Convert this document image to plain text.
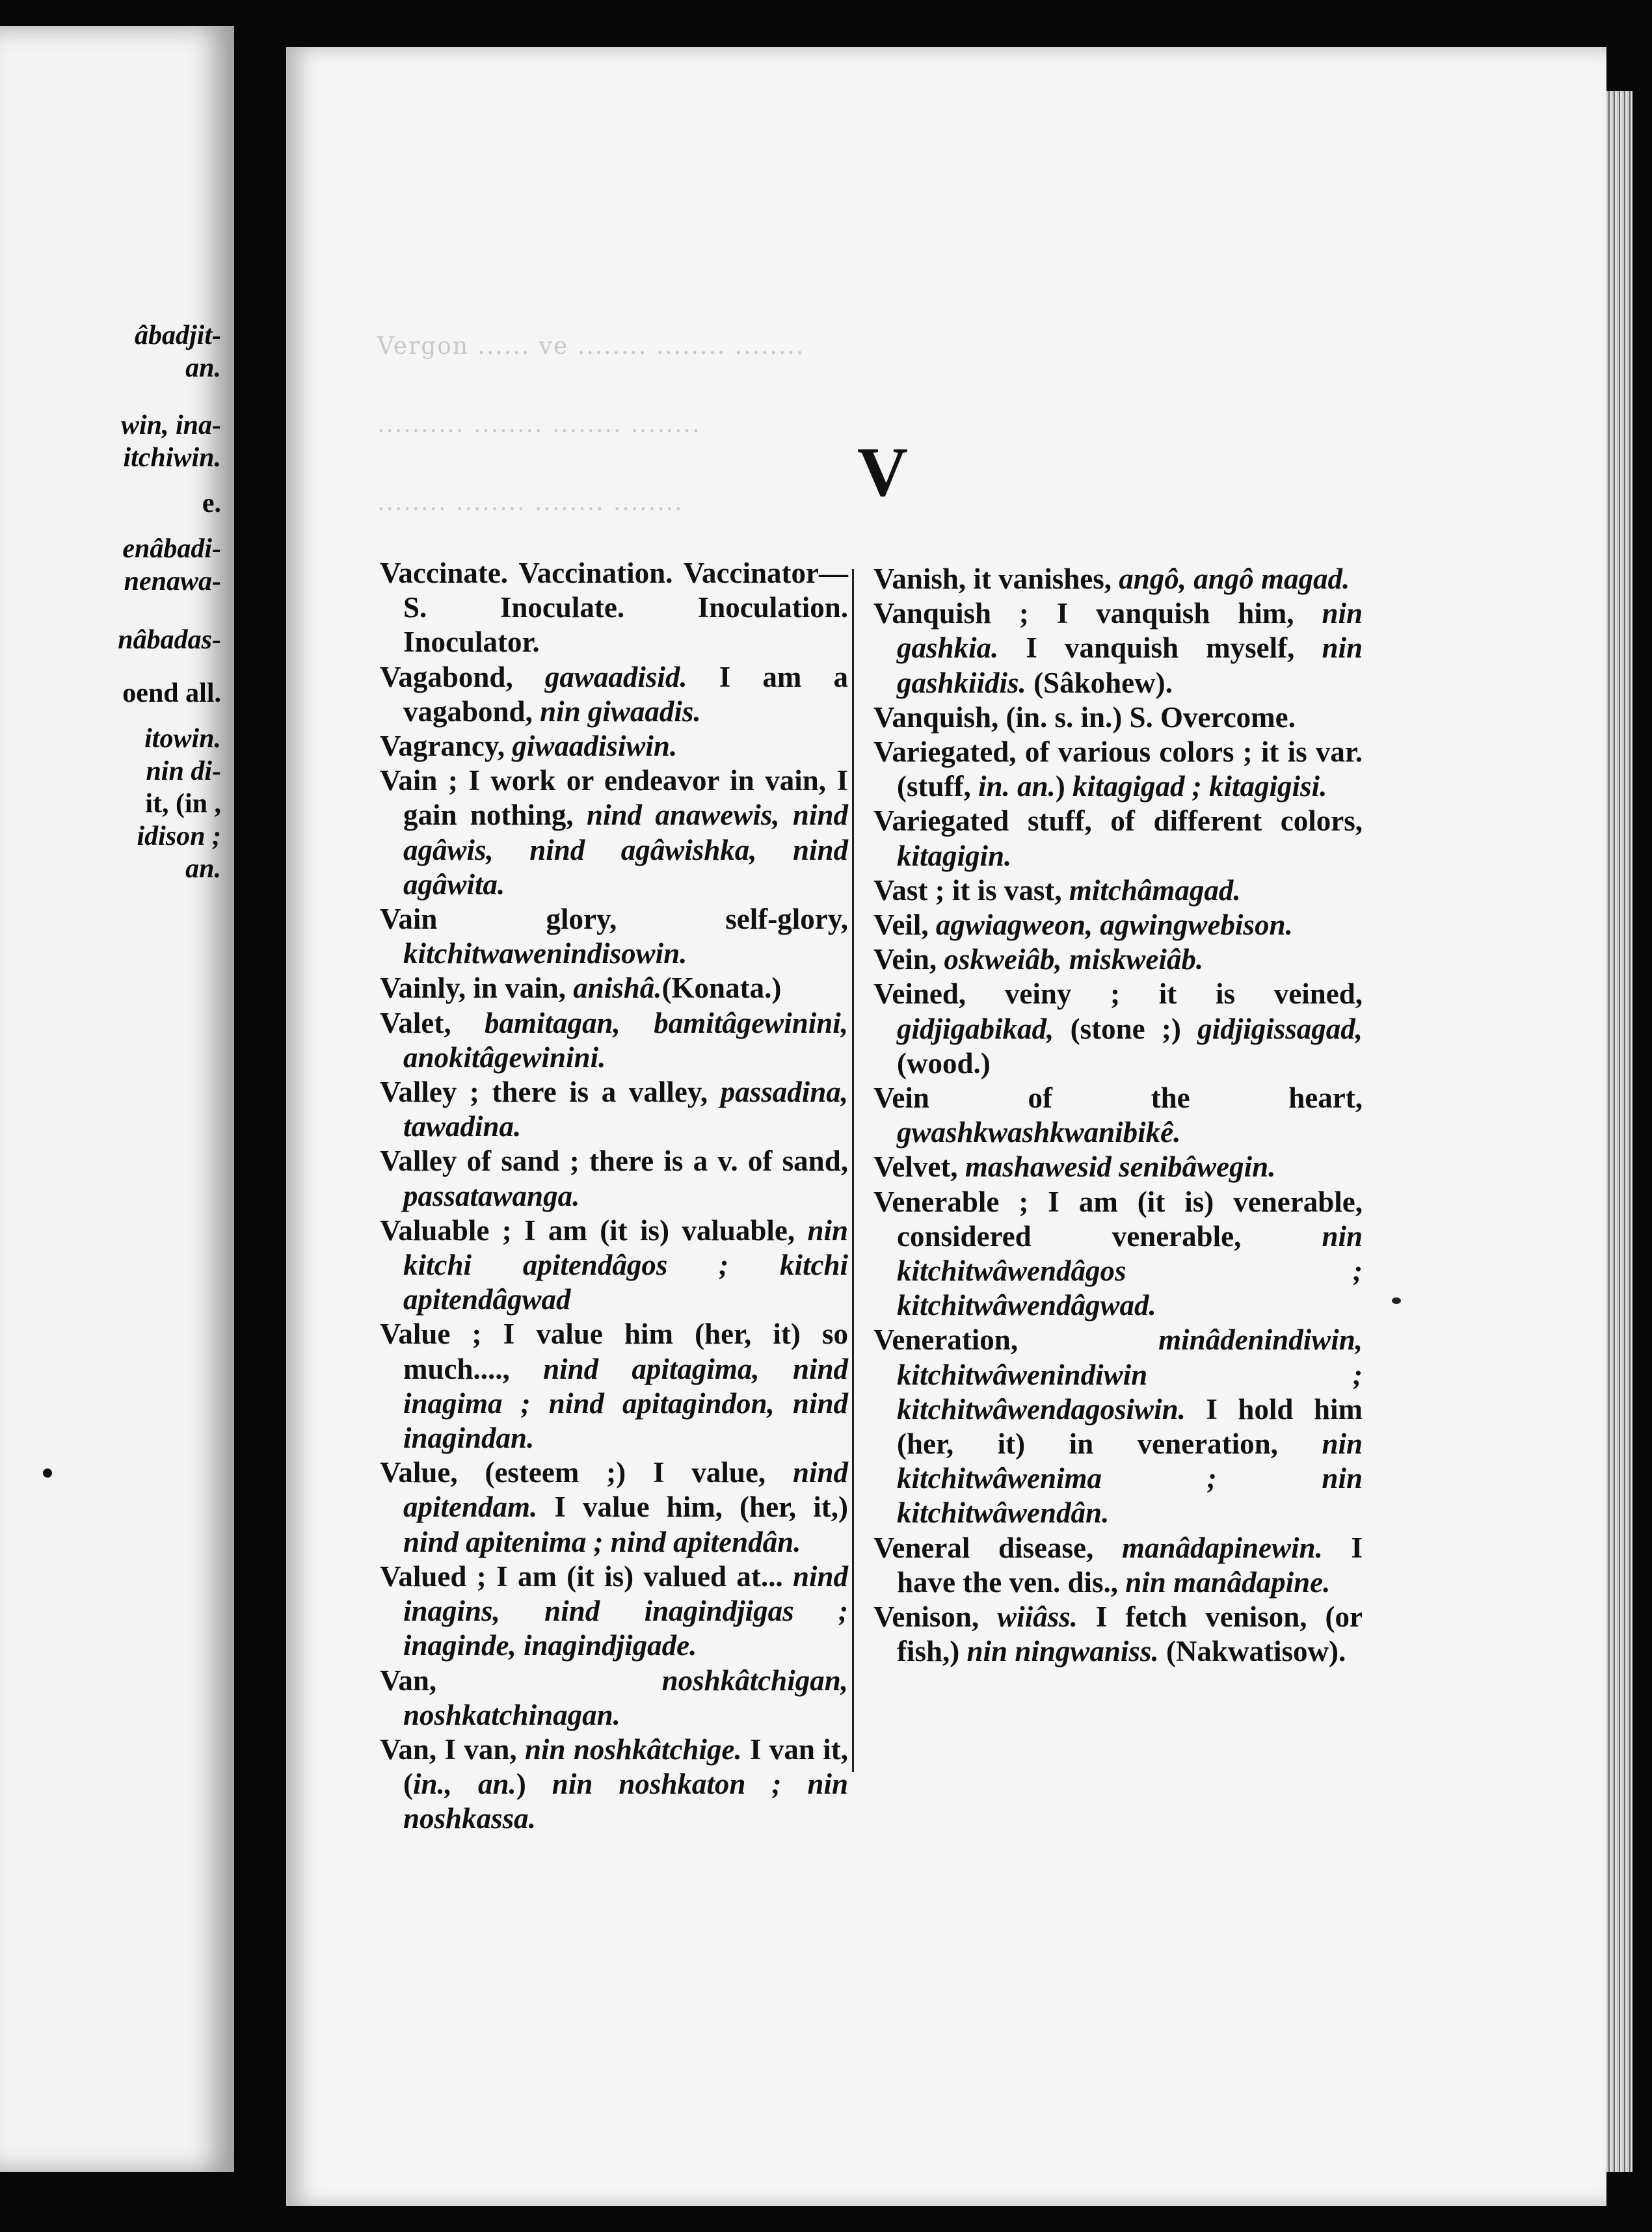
âbadjit-
an.
win, ina-
itchiwin.
e.
enâbadi-
nenawa-
nâbadas-
oend all.
itowin.
nin di-
it, (in ,
idison ;
an.
Vergon ...... ve ........ ........ ........
.......... ........ ........ ........
........ ........ ........ ........ V
Vaccinate. Vaccination. Vaccinator—S. Inoculate. Inoculation. Inoculator.
Vagabond, gawaadisid. I am a vagabond, nin giwaadis.
Vagrancy, giwaadisiwin.
Vain ; I work or endeavor in vain, I gain nothing, nind anawewis, nind agâwis, nind agâwishka, nind agâwita.
Vain glory, self-glory, kitchitwawenindisowin.
Vainly, in vain, anishâ.(Konata.)
Valet, bamitagan, bamitâgewinini, anokitâgewinini.
Valley ; there is a valley, passadina, tawadina.
Valley of sand ; there is a v. of sand, passatawanga.
Valuable ; I am (it is) valuable, nin kitchi apitendâgos ; kitchi apitendâgwad
Value ; I value him (her, it) so much...., nind apitagima, nind inagima ; nind apitagindon, nind inagindan.
Value, (esteem ;) I value, nind apitendam. I value him, (her, it,) nind apitenima ; nind apitendân.
Valued ; I am (it is) valued at... nind inagins, nind inagindjigas ; inaginde, inagindjigade.
Van, noshkâtchigan, noshkatchinagan.
Van, I van, nin noshkâtchige. I van it, (in., an.) nin noshkaton ; nin noshkassa.
Vanish, it vanishes, angô, angô magad.
Vanquish ; I vanquish him, nin gashkia. I vanquish myself, nin gashkiidis. (Sâkohew).
Vanquish, (in. s. in.) S. Overcome.
Variegated, of various colors ; it is var. (stuff, in. an.) kitagigad ; kitagigisi.
Variegated stuff, of different colors, kitagigin.
Vast ; it is vast, mitchâmagad.
Veil, agwiagweon, agwingwebison.
Vein, oskweiâb, miskweiâb.
Veined, veiny ; it is veined, gidjigabikad, (stone ;) gidjigissagad, (wood.)
Vein of the heart, gwashkwashkwanibikê.
Velvet, mashawesid senibâwegin.
Venerable ; I am (it is) venerable, considered venerable, nin kitchitwâwendâgos ; kitchitwâwendâgwad.
Veneration, minâdenindiwin, kitchitwâwenindiwin ; kitchitwâwendagosiwin. I hold him (her, it) in veneration, nin kitchitwâwenima ; nin kitchitwâwendân.
Veneral disease, manâdapinewin. I have the ven. dis., nin manâdapine.
Venison, wiiâss. I fetch venison, (or fish,) nin ningwaniss. (Nakwatisow).
